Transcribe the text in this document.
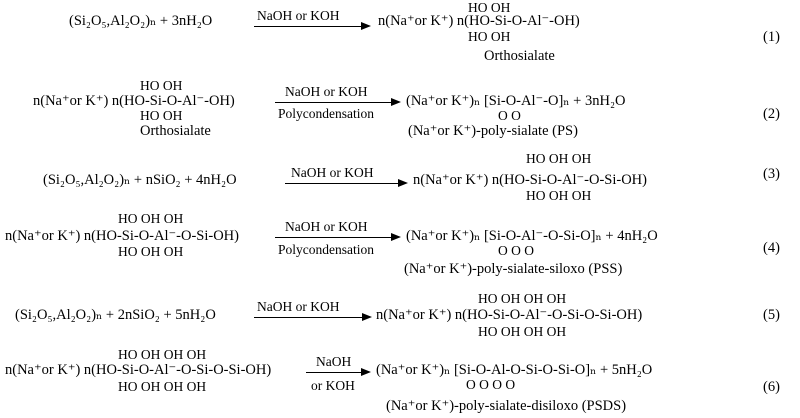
(Si₂O₅,Al₂O₂)ₙ + 3nH₂O	NaOH or KOH
HO OH
n(Na⁺or K⁺) n(HO-Si-O-Al⁻-OH)
HO OH
Orthosialate
(1)
HO OH
n(Na⁺or K⁺) n(HO-Si-O-Al⁻-OH)
HO OH
Orthosialate
NaOH or KOH
Polycondensation
(Na⁺or K⁺)ₙ [Si-O-Al⁻-O]ₙ + 3nH₂O
O O
(Na⁺or K⁺)-poly-sialate (PS)
(2)
(Si₂O₅,Al₂O₂)ₙ + nSiO₂ + 4nH₂O	NaOH or KOH
HO OH OH
n(Na⁺or K⁺) n(HO-Si-O-Al⁻-O-Si-OH)
HO OH OH
(3)
HO OH OH
n(Na⁺or K⁺) n(HO-Si-O-Al⁻-O-Si-OH)
HO OH OH
NaOH or KOH
Polycondensation
(Na⁺or K⁺)ₙ [Si-O-Al⁻-O-Si-O]ₙ + 4nH₂O
O O O
(Na⁺or K⁺)-poly-sialate-siloxo (PSS)
(4)
(Si₂O₅,Al₂O₂)ₙ + 2nSiO₂ + 5nH₂O
NaOH or KOH
HO OH OH OH
n(Na⁺or K⁺) n(HO-Si-O-Al⁻-O-Si-O-Si-OH)
HO OH OH OH
(5)
HO OH OH OH
n(Na⁺or K⁺) n(HO-Si-O-Al⁻-O-Si-O-Si-OH)
HO OH OH OH
NaOH
or KOH
(Na⁺or K⁺)ₙ [Si-O-Al-O-Si-O-Si-O]ₙ + 5nH₂O
O O O O
(Na⁺or K⁺)-poly-sialate-disiloxo (PSDS)
(6)
